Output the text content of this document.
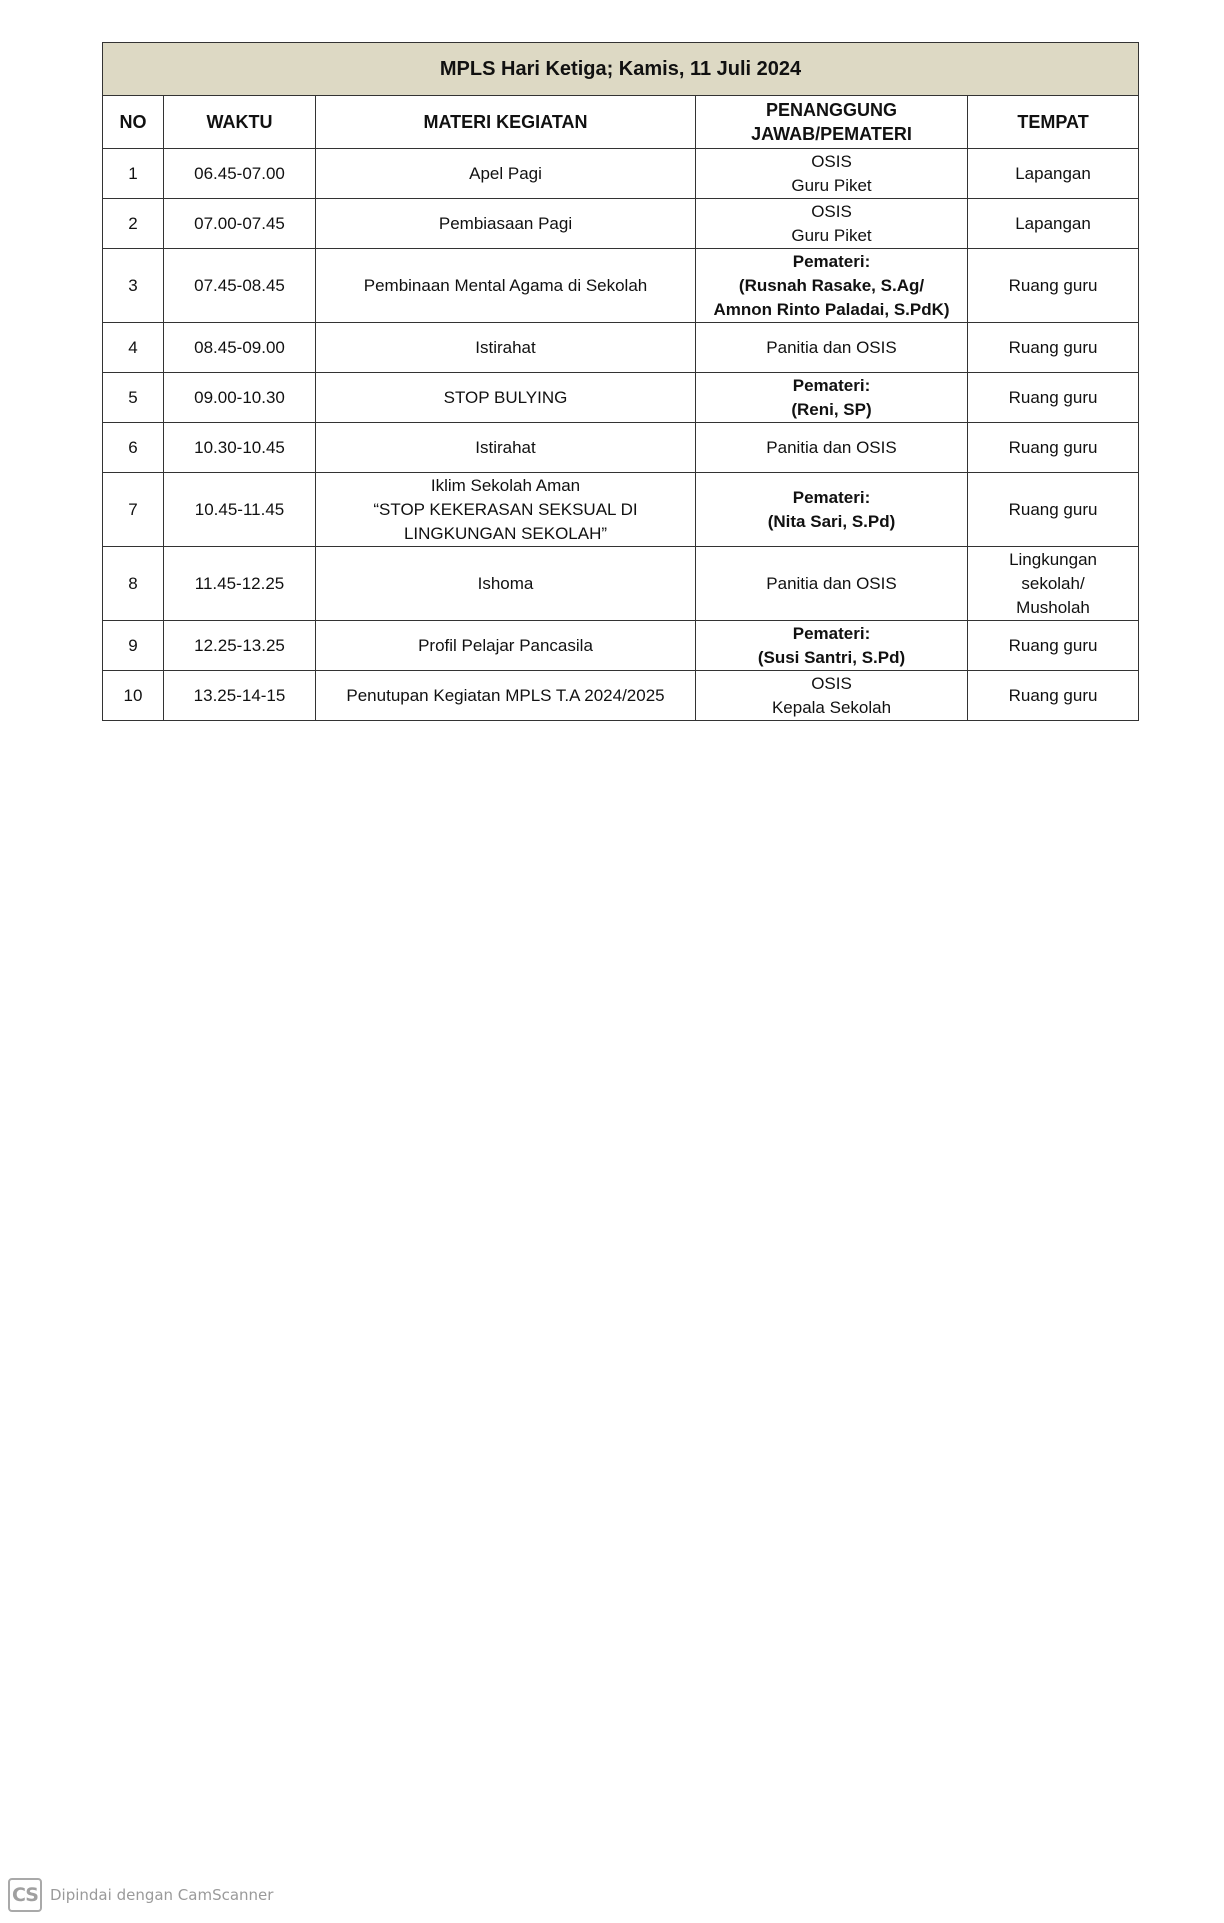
MPLS Hari Ketiga; Kamis, 11 Juli 2024				
NO	WAKTU	MATERI KEGIATAN	PENANGGUNG
JAWAB/PEMATERI	TEMPAT
1	06.45-07.00	Apel Pagi	OSIS
Guru Piket	Lapangan

2	07.00-07.45	Pembiasaan Pagi	OSIS
Guru Piket	Lapangan

3	07.45-08.45	Pembinaan Mental Agama di Sekolah	Pemateri:
(Rusnah Rasake, S.Ag/
Amnon Rinto Paladai, S.PdK)	Ruang guru

4	08.45-09.00	Istirahat	Panitia dan OSIS	Ruang guru

5	09.00-10.30	STOP BULYING	Pemateri:
(Reni, SP)	Ruang guru

6	10.30-10.45	Istirahat	Panitia dan OSIS	Ruang guru

7	10.45-11.45	Iklim Sekolah Aman
“STOP KEKERASAN SEKSUAL DI
LINGKUNGAN SEKOLAH”	Pemateri:
(Nita Sari, S.Pd)	Ruang guru

8	11.45-12.25	Ishoma	Panitia dan OSIS	Lingkungan
sekolah/
Musholah

9	12.25-13.25	Profil Pelajar Pancasila	Pemateri:
(Susi Santri, S.Pd)	Ruang guru

10	13.25-14-15	Penutupan Kegiatan MPLS T.A 2024/2025	OSIS
Kepala Sekolah	Ruang guru
CS Dipindai dengan CamScanner
